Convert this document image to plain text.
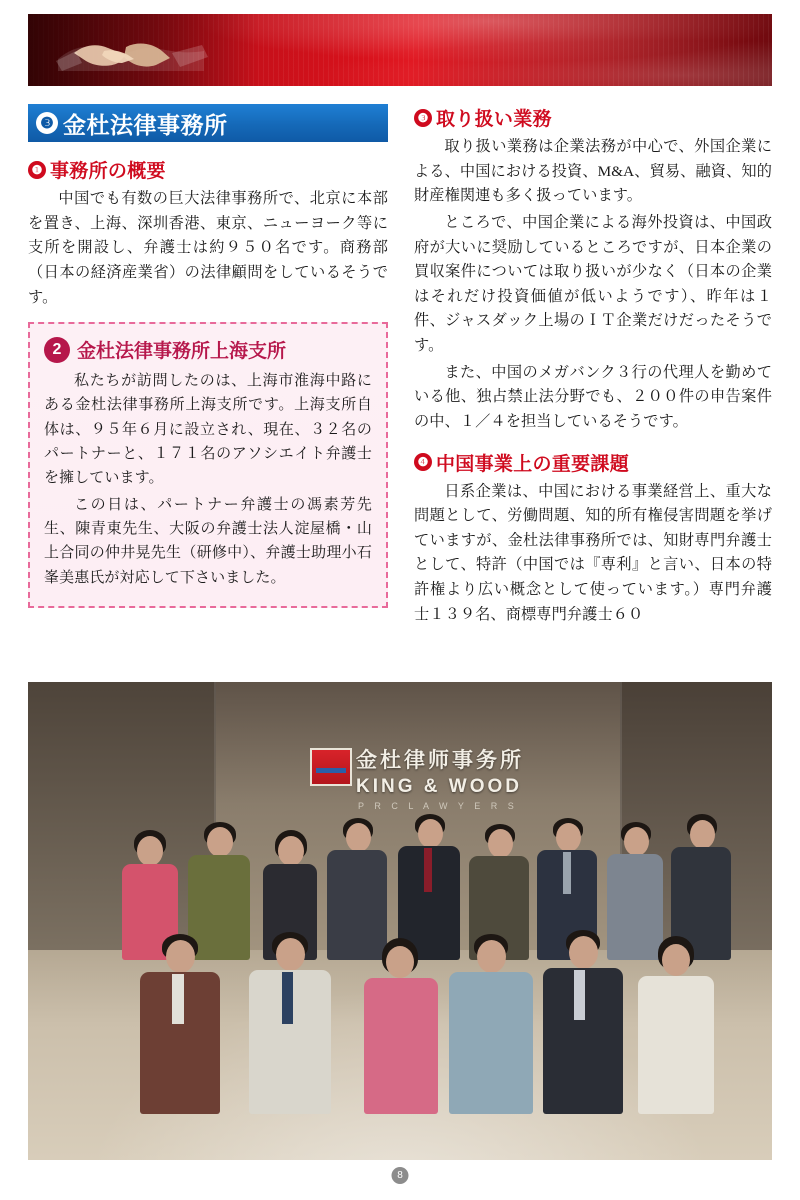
❸ 金杜法律事務所
❶ 事務所の概要

中国でも有数の巨大法律事務所で、北京に本部を置き、上海、深圳香港、東京、ニューヨーク等に支所を開設し、弁護士は約９５０名です。商務部（日本の経済産業省）の法律顧問をしているそうです。

2 金杜法律事務所上海支所

私たちが訪問したのは、上海市淮海中路にある金杜法律事務所上海支所です。上海支所自体は、９５年６月に設立され、現在、３２名のパートナーと、１７１名のアソシエイト弁護士を擁しています。

この日は、パートナー弁護士の馮素芳先生、陳青東先生、大阪の弁護士法人淀屋橋・山上合同の仲井晃先生（研修中）、弁護士助理小石峯美惠氏が対応して下さいました。

❸ 取り扱い業務

取り扱い業務は企業法務が中心で、外国企業による、中国における投資、M&A、貿易、融資、知的財産権関連も多く扱っています。

ところで、中国企業による海外投資は、中国政府が大いに奨励しているところですが、日本企業の買収案件については取り扱いが少なく（日本の企業はそれだけ投資価値が低いようです）、昨年は１件、ジャスダック上場のＩＴ企業だけだったそうです。

また、中国のメガバンク３行の代理人を勤めている他、独占禁止法分野でも、２００件の申告案件の中、１／４を担当しているそうです。

❹ 中国事業上の重要課題

日系企業は、中国における事業経営上、重大な問題として、労働問題、知的所有権侵害問題を挙げていますが、金杜法律事務所では、知財専門弁護士として、特許（中国では『専利』と言い、日本の特許権より広い概念として使っています。）専門弁護士１３９名、商標専門弁護士６０

金杜律师事务所
KING & WOOD
P R C L A W Y E R S
8
